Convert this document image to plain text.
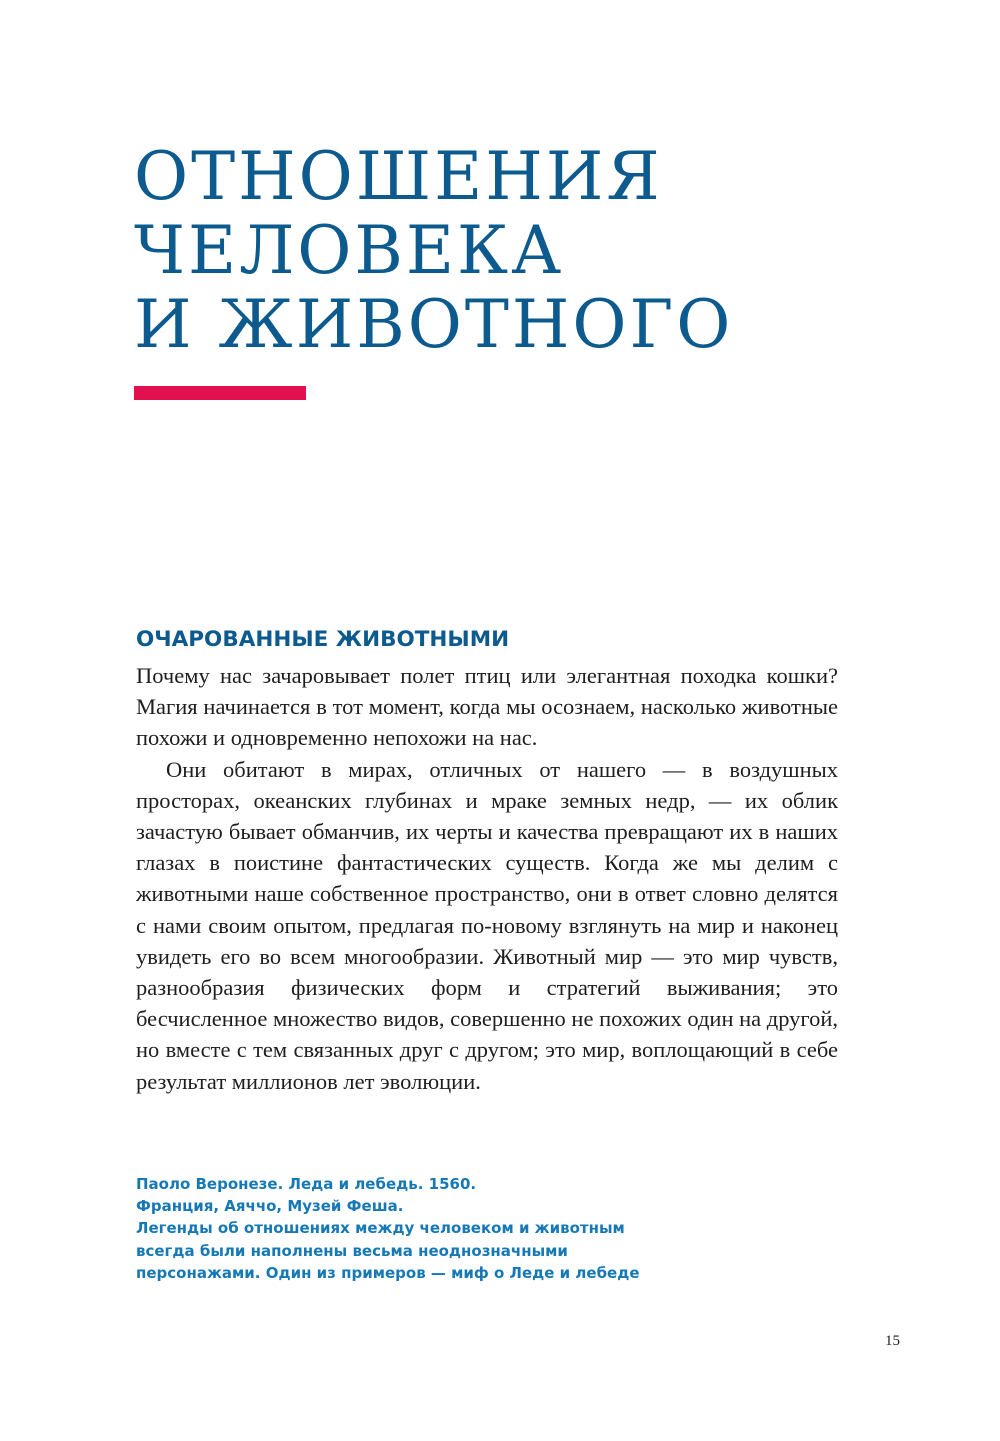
ОТНОШЕНИЯ
ЧЕЛОВЕКА
И ЖИВОТНОГО
ОЧАРОВАННЫЕ ЖИВОТНЫМИ

Почему нас зачаровывает полет птиц или элегантная походка кошки? Магия начинается в тот момент, когда мы осознаем, насколько животные похожи и одновременно непохожи на нас.

Они обитают в мирах, отличных от нашего — в воздушных просторах, океанских глубинах и мраке земных недр, — их облик зачастую бывает обманчив, их черты и качества превращают их в наших глазах в поистине фантастических существ. Когда же мы делим с животными наше собственное пространство, они в ответ словно делятся с нами своим опытом, предлагая по-новому взглянуть на мир и наконец увидеть его во всем многообразии. Животный мир — это мир чувств, разнообразия физических форм и стратегий выживания; это бесчисленное множество видов, совершенно не похожих один на другой, но вместе с тем связанных друг с другом; это мир, воплощающий в себе результат миллионов лет эволюции.

Паоло Веронезе. Леда и лебедь. 1560.
Франция, Аяччо, Музей Феша.
Легенды об отношениях между человеком и животным
всегда были наполнены весьма неоднозначными
персонажами. Один из примеров — миф о Леде и лебеде
15
